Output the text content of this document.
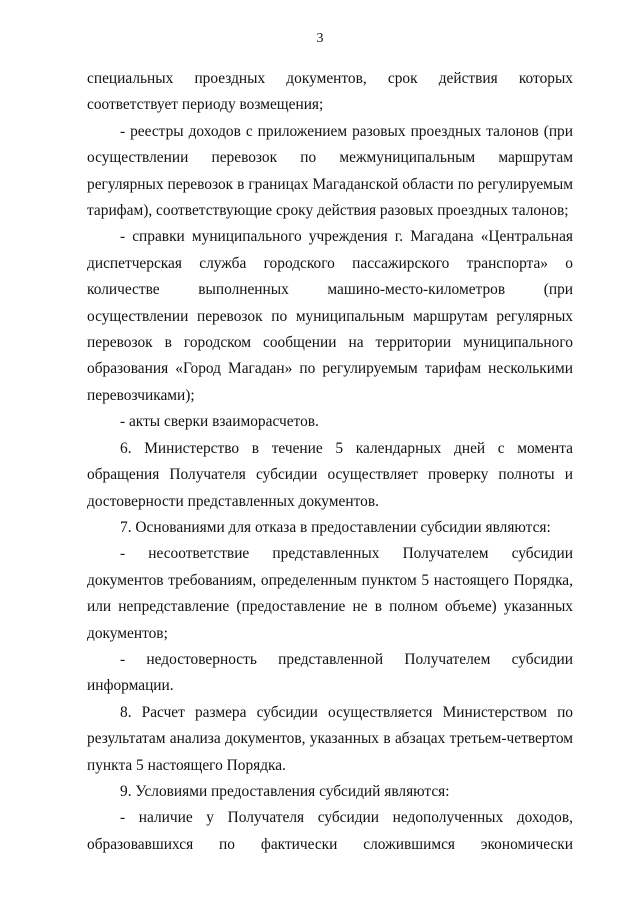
3

специальных проездных документов, срок действия которых соответствует периоду возмещения;

- реестры доходов с приложением разовых проездных талонов (при осуществлении перевозок по межмуниципальным маршрутам регулярных перевозок в границах Магаданской области по регулируемым тарифам), соответствующие сроку действия разовых проездных талонов;

- справки муниципального учреждения г. Магадана «Центральная диспетчерская служба городского пассажирского транспорта» о количестве выполненных машино-место-километров (при осуществлении перевозок по муниципальным маршрутам регулярных перевозок в городском сообщении на территории муниципального образования «Город Магадан» по регулируемым тарифам несколькими перевозчиками);

- акты сверки взаиморасчетов.

6. Министерство в течение 5 календарных дней с момента обращения Получателя субсидии осуществляет проверку полноты и достоверности представленных документов.

7. Основаниями для отказа в предоставлении субсидии являются:

- несоответствие представленных Получателем субсидии документов требованиям, определенным пунктом 5 настоящего Порядка, или непредставление (предоставление не в полном объеме) указанных документов;

- недостоверность представленной Получателем субсидии информации.

8. Расчет размера субсидии осуществляется Министерством по результатам анализа документов, указанных в абзацах третьем-четвертом пункта 5 настоящего Порядка.

9. Условиями предоставления субсидий являются:

- наличие у Получателя субсидии недополученных доходов, образовавшихся по фактически сложившимся экономически
